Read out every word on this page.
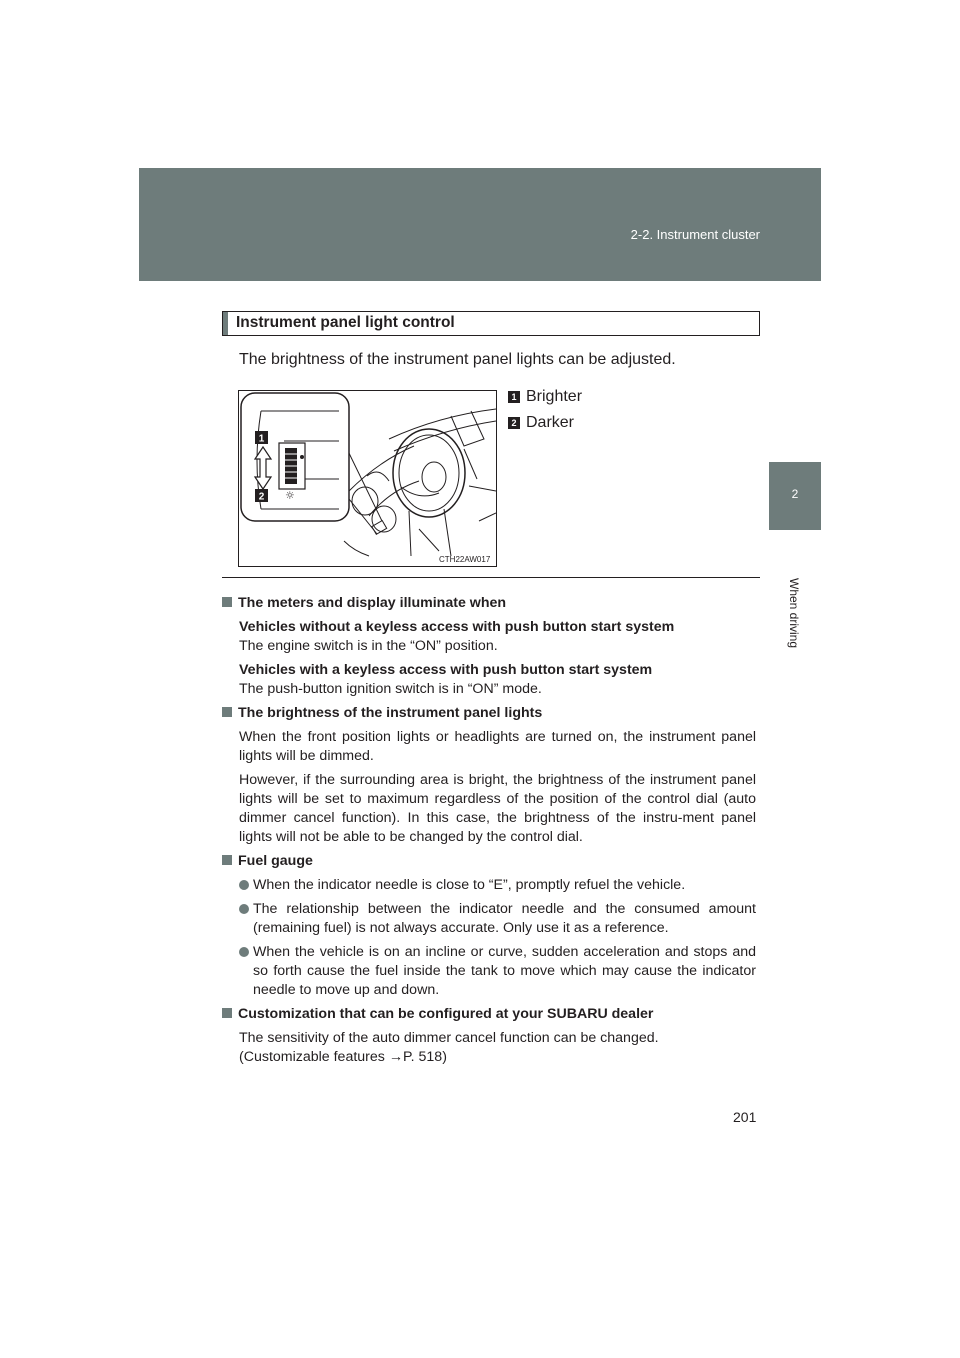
2-2. Instrument cluster
2
When driving
Instrument panel light control
The brightness of the instrument panel lights can be adjusted.
☼
1
2
CTH22AW017
1 Brighter
2 Darker
The meters and display illuminate when
Vehicles without a keyless access with push button start system
The engine switch is in the “ON” position.
Vehicles with a keyless access with push button start system
The push-button ignition switch is in “ON” mode.
The brightness of the instrument panel lights
When the front position lights or headlights are turned on, the instrument panel lights will be dimmed.
However, if the surrounding area is bright, the brightness of the instrument panel lights will be set to maximum regardless of the position of the control dial (auto dimmer cancel function). In this case, the brightness of the instru-ment panel lights will not be able to be changed by the control dial.
Fuel gauge
When the indicator needle is close to “E”, promptly refuel the vehicle.
The relationship between the indicator needle and the consumed amount (remaining fuel) is not always accurate. Only use it as a reference.
When the vehicle is on an incline or curve, sudden acceleration and stops and so forth cause the fuel inside the tank to move which may cause the indicator needle to move up and down.
Customization that can be configured at your SUBARU dealer
The sensitivity of the auto dimmer cancel function can be changed.
(Customizable features →P. 518)
201
